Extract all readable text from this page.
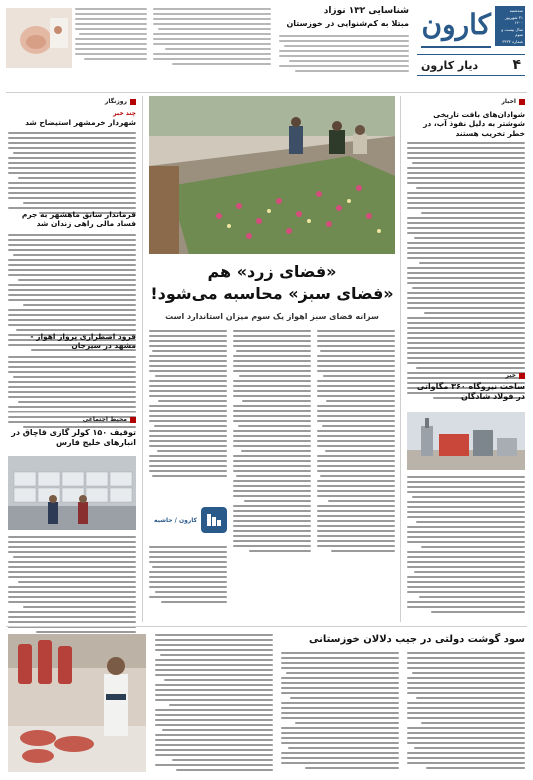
سه‌شنبه
۳۱ شهریور ۱۴۰۰
سال بیست و سوم
شماره ۳۴۳۳
کارون
۴
دیار کارون
شناسایی ۱۳۲ نوزاد
مبتلا به کم‌شنوایی در خوزستان
اخبار
شوادان‌های بافت تاریخی شوشتر به دلیل نفوذ آب، در خطر تخریب هستند
خبر
ساخت نیروگاه ۳۶۰ مگاواتی در فولاد شادگان
«فضای زرد» هم
«فضای سبز» محاسبه می‌شود!
سرانه فضای سبز اهواز یک سوم میزان استاندارد است
کارون / حاشیه
روزنگار
چند خبر
شهردار خرمشهر استیضاح شد
فرماندار سابق ماهشهر به جرم فساد مالی راهی زندان شد
فرود اضطراری پرواز اهواز - مشهد در سیرجان
محیط اجتماعی
توقیف ۱۵۰ کولر گازی قاچاق در انبارهای خلیج فارس
سود گوشت دولتی در جیب دلالان خوزستانی
